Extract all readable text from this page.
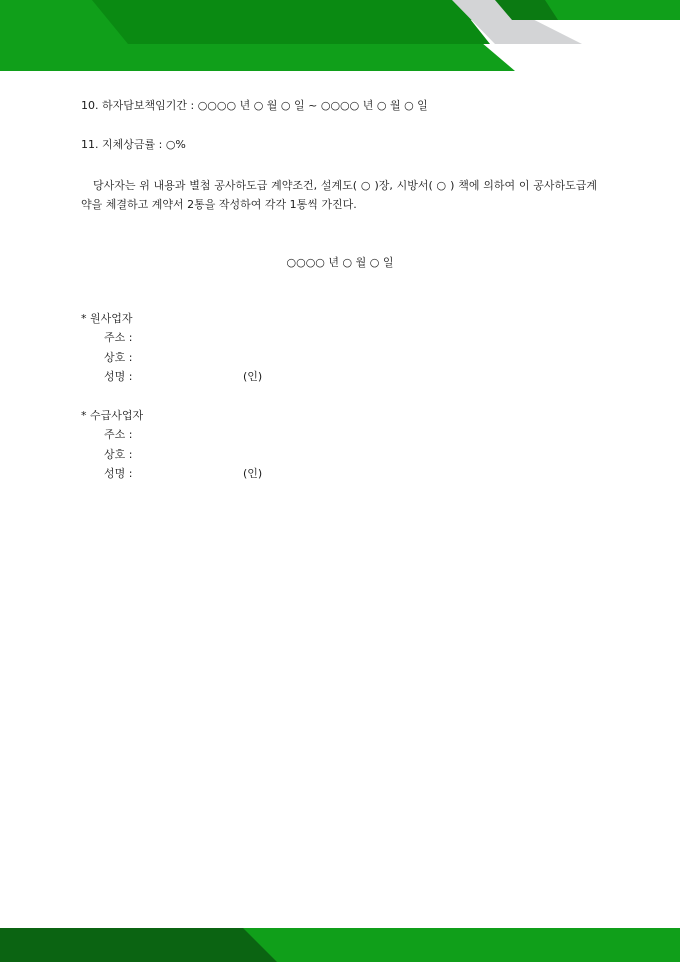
10. 하자담보책임기간 : ○○○○ 년 ○ 월 ○ 일 ~ ○○○○ 년 ○ 월 ○ 일
11. 지체상금률 : ○%
당사자는 위 내용과 별첨 공사하도급 계약조건, 설계도( ○ )장, 시방서( ○ ) 책에 의하여 이 공사하도급계약을 체결하고 계약서 2통을 작성하여 각각 1통씩 가진다.
○○○○ 년 ○ 월 ○ 일
* 원사업자
주소 :
상호 :
성명 :	(인)
* 수급사업자
주소 :
상호 :
성명 :	(인)
